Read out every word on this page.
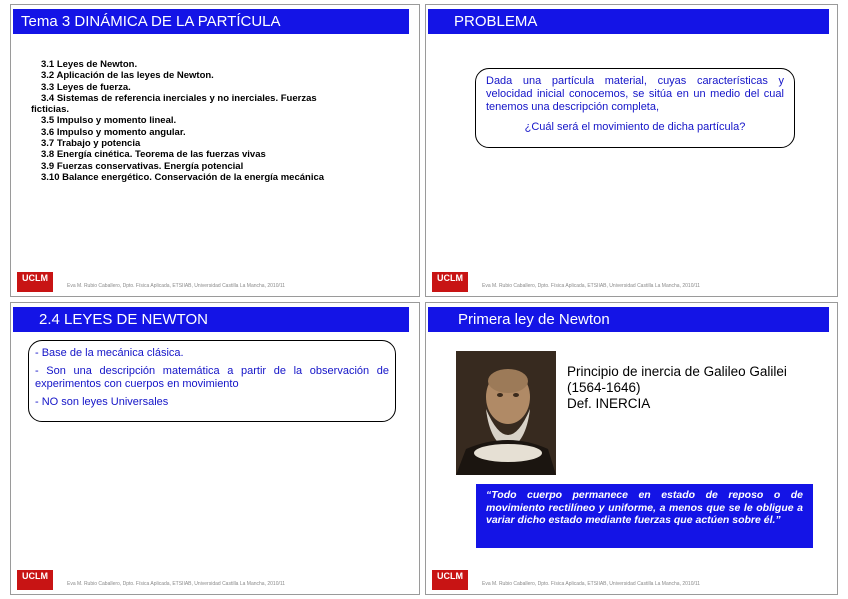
Tema 3 DINÁMICA DE LA PARTÍCULA
3.1 Leyes de Newton.
3.2 Aplicación de las leyes de Newton.
3.3 Leyes de fuerza.
3.4 Sistemas de referencia inerciales y no inerciales. Fuerzas
ficticias.
3.5 Impulso y momento lineal.
3.6 Impulso y momento angular.
3.7 Trabajo y potencia
3.8 Energía cinética. Teorema de las fuerzas vivas
3.9 Fuerzas conservativas. Energía potencial
3.10 Balance energético. Conservación de la energía mecánica
UCLM

Eva M. Rubio Caballero, Dpto. Física Aplicada, ETSIIAB, Universidad Castilla La Mancha, 2010/11
PROBLEMA
Dada una partícula material, cuyas características y velocidad inicial conocemos, se sitúa en un medio del cual tenemos una descripción completa,
¿Cuál será el movimiento de dicha partícula?
UCLM

Eva M. Rubio Caballero, Dpto. Física Aplicada, ETSIIAB, Universidad Castilla La Mancha, 2010/11
2.4 LEYES DE NEWTON

- Base de la mecánica clásica.

- Son una descripción matemática a partir de la observación de experimentos con cuerpos en movimiento

- NO son leyes Universales

UCLM

Eva M. Rubio Caballero, Dpto. Física Aplicada, ETSIIAB, Universidad Castilla La Mancha, 2010/11
Primera ley de Newton
Principio de inercia de Galileo Galilei
(1564-1646)
Def. INERCIA
“Todo cuerpo permanece en estado de reposo o de movimiento rectilíneo y uniforme, a menos que se le obligue a variar dicho estado mediante fuerzas que actúen sobre él.”
UCLM

Eva M. Rubio Caballero, Dpto. Física Aplicada, ETSIIAB, Universidad Castilla La Mancha, 2010/11
